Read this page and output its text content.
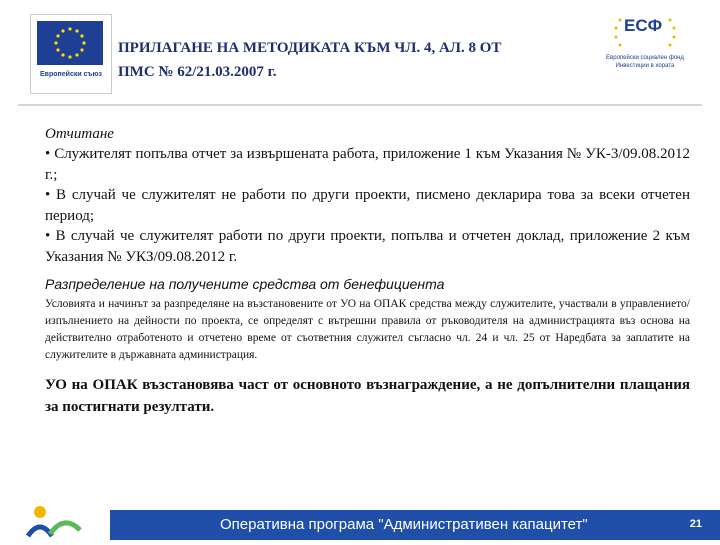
Европейски съюз
ПРИЛАГАНЕ НА МЕТОДИКАТА КЪМ ЧЛ. 4, АЛ. 8 ОТ
ПМС № 62/21.03.2007 г.
ЕСФ
Европейски социален фонд
Инвестиции в хората

Отчитане

• Служителят попълва отчет за извършената работа, приложение 1 към Указания № УК-3/09.08.2012 г.;

• В случай че служителят не работи по други проекти, писмено декларира това за всеки отчетен период;

• В случай че служителят работи по други проекти, попълва и отчетен доклад, приложение 2 към Указания № УКЗ/09.08.2012 г.

Разпределение на получените средства от бенефициента

Условията и начинът за разпределяне на възстановените от УО на ОПАК средства между служителите, участвали в управлението/изпълнението на дейности по проекта, се определят с вътрешни правила от ръководителя на администрацията въз основа на действително отработеното и отчетено време от съответния служител съгласно чл. 24 и чл. 25 от Наредбата за заплатите на служителите в държавната администрация.

УО на ОПАК възстановява част от основното възнаграждение, а не допълнителни плащания за постигнати резултати.

Оперативна програма "Административен капацитет"	21
